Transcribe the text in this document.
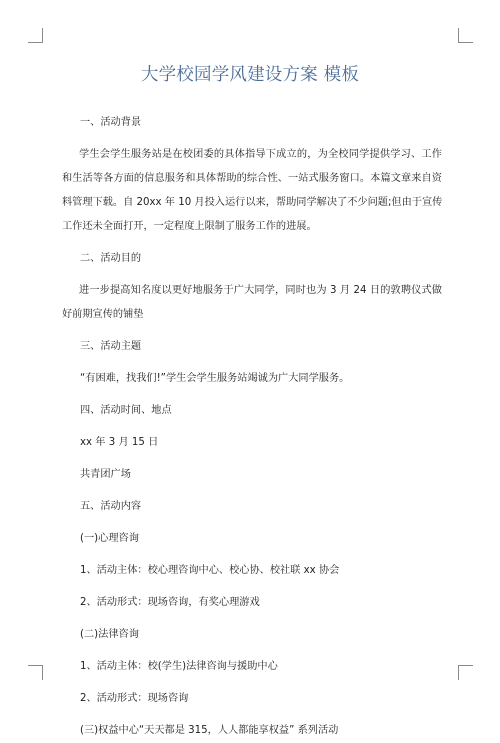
大学校园学风建设方案 模板
一、活动背景
学生会学生服务站是在校团委的具体指导下成立的，为全校同学提供学习、工作
和生活等各方面的信息服务和具体帮助的综合性、一站式服务窗口。本篇文章来自资
料管理下载。自 20xx 年 10 月投入运行以来，帮助同学解决了不少问题;但由于宣传
工作还未全面打开，一定程度上限制了服务工作的进展。
二、活动目的
进一步提高知名度以更好地服务于广大同学，同时也为 3 月 24 日的敦聘仪式做
好前期宣传的铺垫
三、活动主题
“有困难，找我们!”学生会学生服务站竭诚为广大同学服务。
四、活动时间、地点
xx 年 3 月 15 日
共青团广场
五、活动内容
(一)心理咨询
1、活动主体：校心理咨询中心、校心协、校社联 xx 协会
2、活动形式：现场咨询，有奖心理游戏
(二)法律咨询
1、活动主体：校(学生)法律咨询与援助中心
2、活动形式：现场咨询
(三)权益中心“天天都是 315，人人都能享权益” 系列活动
